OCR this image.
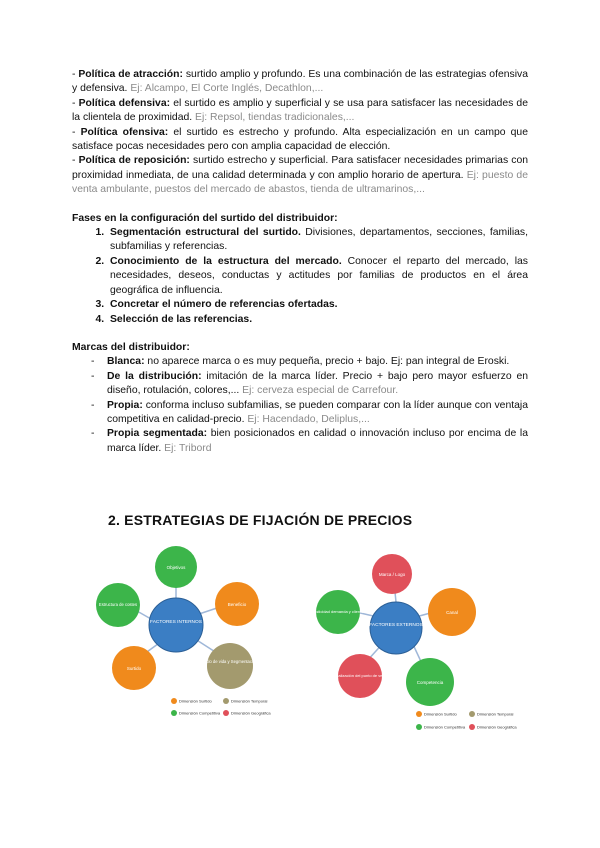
- Política de atracción: surtido amplio y profundo. Es una combinación de las estrategias ofensiva y defensiva. Ej: Alcampo, El Corte Inglés, Decathlon,...

- Política defensiva: el surtido es amplio y superficial y se usa para satisfacer las necesidades de la clientela de proximidad. Ej: Repsol, tiendas tradicionales,...

- Política ofensiva: el surtido es estrecho y profundo. Alta especialización en un campo que satisface pocas necesidades pero con amplia capacidad de elección.

- Política de reposición: surtido estrecho y superficial. Para satisfacer necesidades primarias con proximidad inmediata, de una calidad determinada y con amplio horario de apertura. Ej: puesto de venta ambulante, puestos del mercado de abastos, tienda de ultramarinos,...

Fases en la configuración del surtido del distribuidor:

1. Segmentación estructural del surtido. Divisiones, departamentos, secciones, familias, subfamilias y referencias.
2. Conocimiento de la estructura del mercado. Conocer el reparto del mercado, las necesidades, deseos, conductas y actitudes por familias de productos en el área geográfica de influencia.
3. Concretar el número de referencias ofertadas.
4. Selección de las referencias.

Marcas del distribuidor:

- Blanca: no aparece marca o es muy pequeña, precio + bajo. Ej: pan integral de Eroski.
- De la distribución: imitación de la marca líder. Precio + bajo pero mayor esfuerzo en diseño, rotulación, colores,... Ej: cerveza especial de Carrefour.
- Propia: conforma incluso subfamilias, se pueden comparar con la líder aunque con ventaja competitiva en calidad-precio. Ej: Hacendado, Deliplus,...
- Propia segmentada: bien posicionados en calidad o innovación incluso por encima de la marca líder. Ej: Tribord
2. ESTRATEGIAS DE FIJACIÓN DE PRECIOS
FACTORES INTERNOS
Objetivos
Beneficio
Ciclo de vida y Segmentación
Surtido
Estructura de costes
Dimensión Surtido	Dimensión Temporal
Dimensión Competitiva	Dimensión Geográfica
FACTORES EXTERNOS
Marca / Logo
Canal
Competencia
Localización del punto de venta
Elasticidad demanda y clientes
Dimensión Surtido	Dimensión Temporal
Dimensión Competitiva	Dimensión Geográfica
